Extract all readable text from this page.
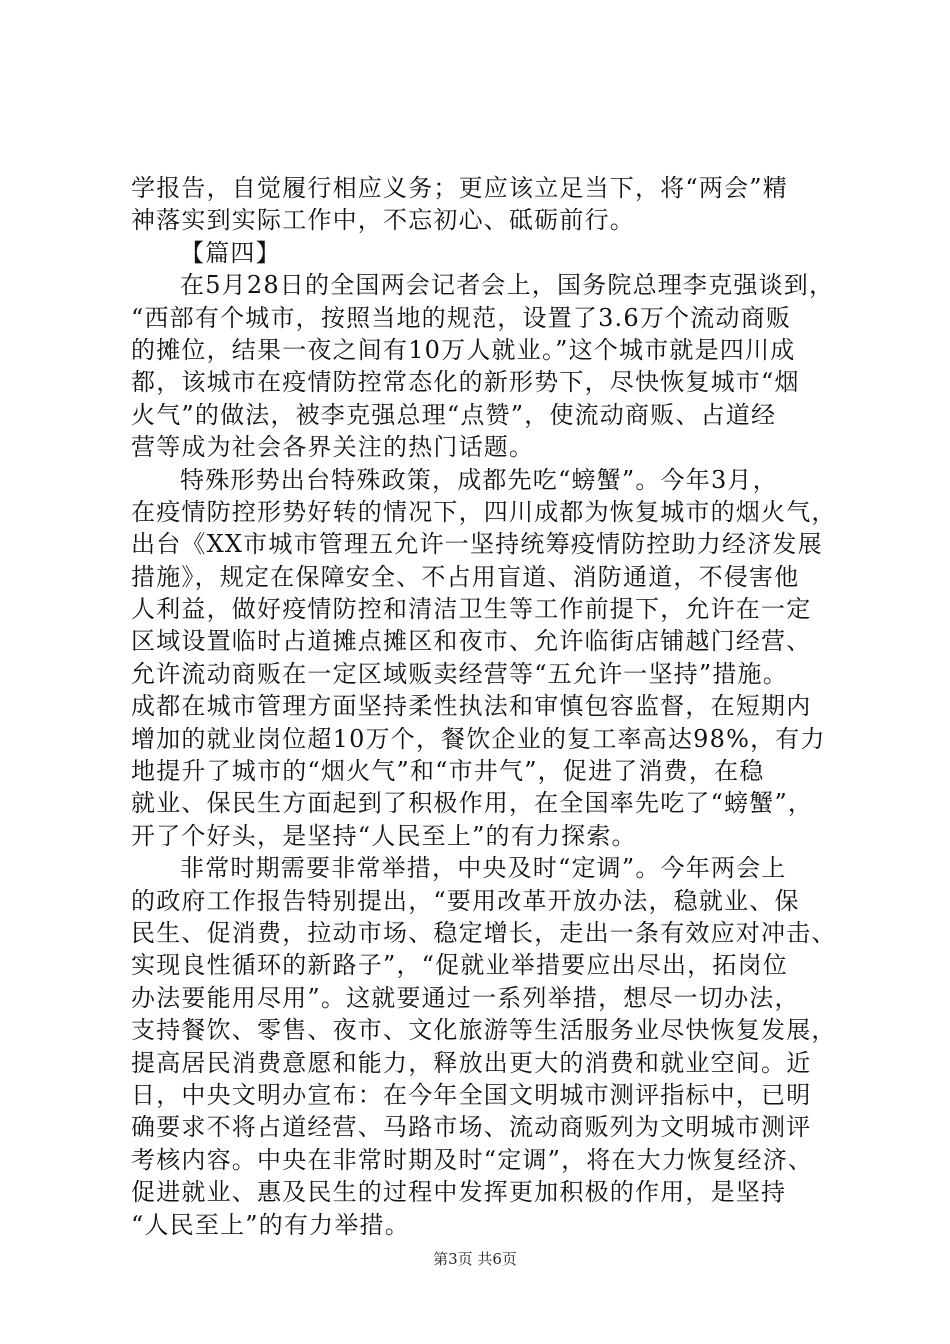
学报告，自觉履行相应义务；更应该立足当下，将“两会”精
神落实到实际工作中，不忘初心、砥砺前行。
【篇四】
在5月28日的全国两会记者会上，国务院总理李克强谈到，
“西部有个城市，按照当地的规范，设置了3.6万个流动商贩
的摊位，结果一夜之间有10万人就业。”这个城市就是四川成
都，该城市在疫情防控常态化的新形势下，尽快恢复城市“烟
火气”的做法，被李克强总理“点赞”，使流动商贩、占道经
营等成为社会各界关注的热门话题。
特殊形势出台特殊政策，成都先吃“螃蟹”。今年3月，
在疫情防控形势好转的情况下，四川成都为恢复城市的烟火气，
出台《XX市城市管理五允许一坚持统筹疫情防控助力经济发展
措施》，规定在保障安全、不占用盲道、消防通道，不侵害他
人利益，做好疫情防控和清洁卫生等工作前提下，允许在一定
区域设置临时占道摊点摊区和夜市、允许临街店铺越门经营、
允许流动商贩在一定区域贩卖经营等“五允许一坚持”措施。
成都在城市管理方面坚持柔性执法和审慎包容监督，在短期内
增加的就业岗位超10万个，餐饮企业的复工率高达98%，有力
地提升了城市的“烟火气”和“市井气”，促进了消费，在稳
就业、保民生方面起到了积极作用，在全国率先吃了“螃蟹”，
开了个好头，是坚持“人民至上”的有力探索。
非常时期需要非常举措，中央及时“定调”。今年两会上
的政府工作报告特别提出，“要用改革开放办法，稳就业、保
民生、促消费，拉动市场、稳定增长，走出一条有效应对冲击、
实现良性循环的新路子”，“促就业举措要应出尽出，拓岗位
办法要能用尽用”。这就要通过一系列举措，想尽一切办法，
支持餐饮、零售、夜市、文化旅游等生活服务业尽快恢复发展，
提高居民消费意愿和能力，释放出更大的消费和就业空间。近
日，中央文明办宣布：在今年全国文明城市测评指标中，已明
确要求不将占道经营、马路市场、流动商贩列为文明城市测评
考核内容。中央在非常时期及时“定调”，将在大力恢复经济、
促进就业、惠及民生的过程中发挥更加积极的作用，是坚持
“人民至上”的有力举措。
第3页 共6页
